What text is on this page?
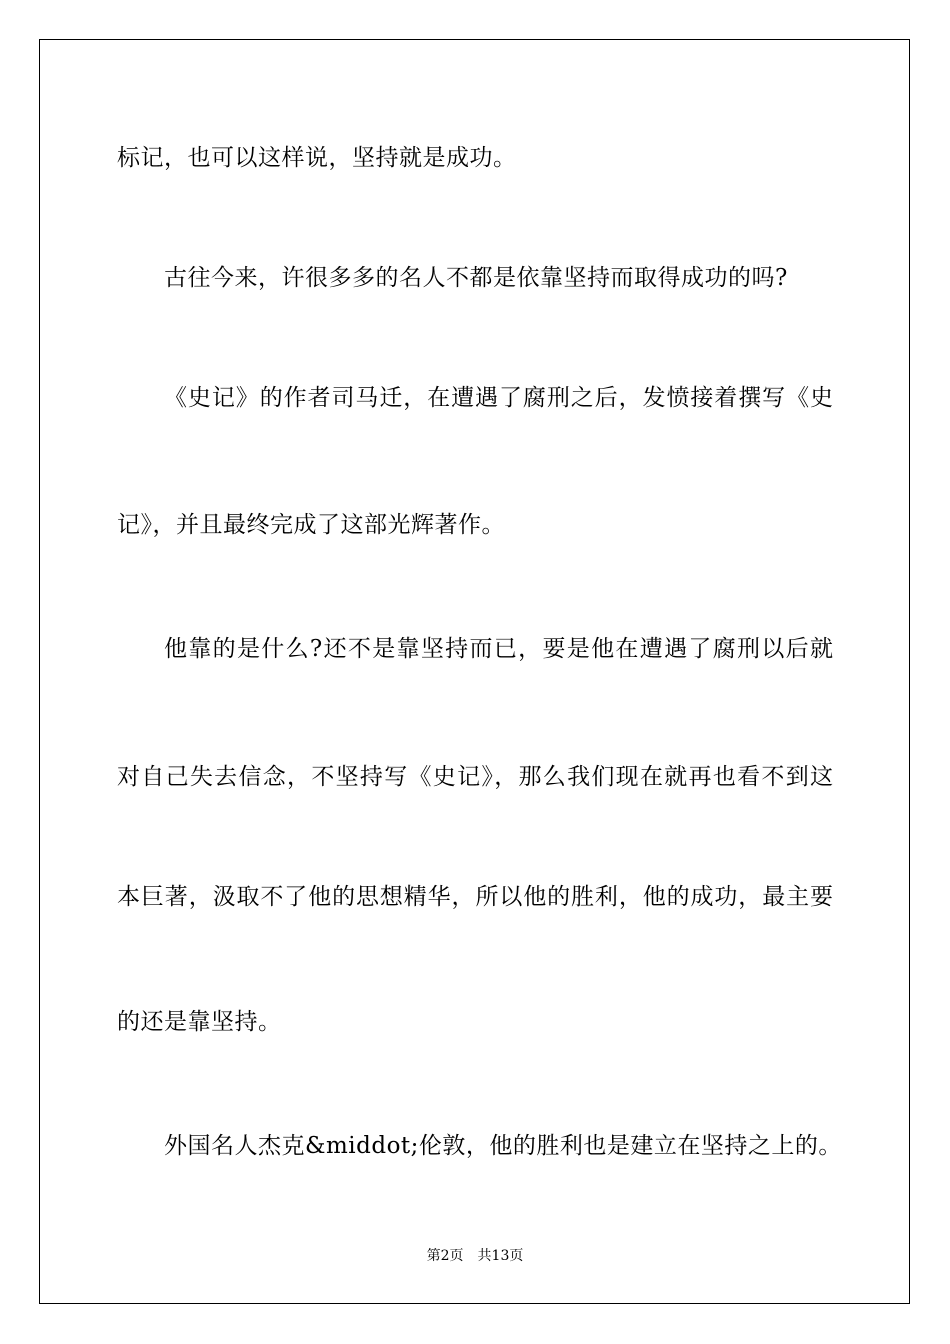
标记，也可以这样说，坚持就是成功。
古往今来，许很多多的名人不都是依靠坚持而取得成功的吗?
《史记》的作者司马迁，在遭遇了腐刑之后，发愤接着撰写《史
记》，并且最终完成了这部光辉著作。
他靠的是什么?还不是靠坚持而已，要是他在遭遇了腐刑以后就
对自己失去信念，不坚持写《史记》，那么我们现在就再也看不到这
本巨著，汲取不了他的思想精华，所以他的胜利，他的成功，最主要
的还是靠坚持。
外国名人杰克&middot;伦敦，他的胜利也是建立在坚持之上的。
第2页 共13页
